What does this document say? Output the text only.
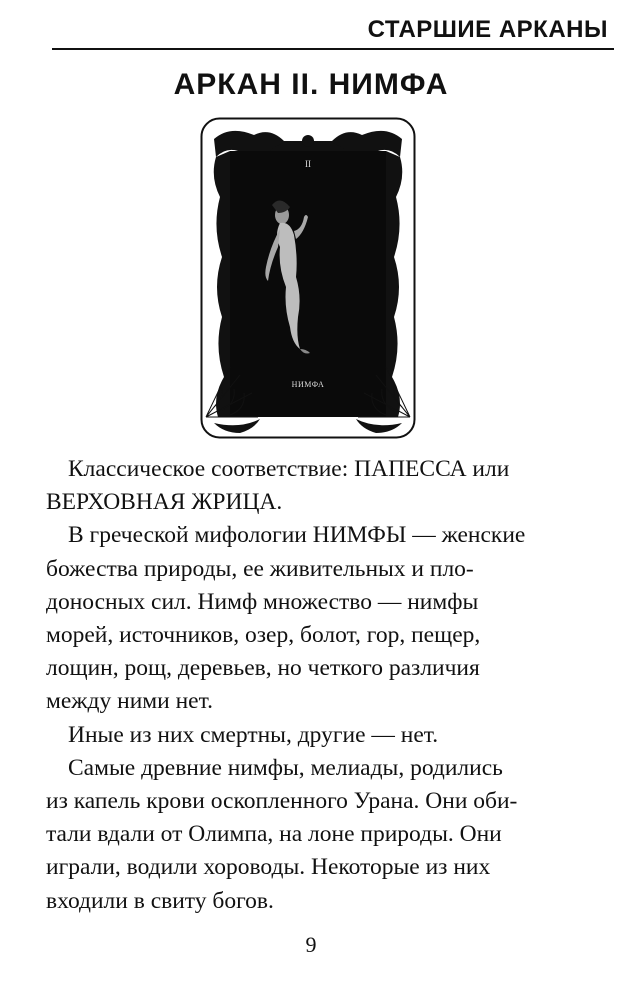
СТАРШИЕ АРКАНЫ
АРКАН II. НИМФА
II
НИМФА

Классическое соответствие: ПАПЕССА или
ВЕРХОВНАЯ ЖРИЦА.

В греческой мифологии НИМФЫ — женские
божества природы, ее живительных и пло-
доносных сил. Нимф множество — нимфы
морей, источников, озер, болот, гор, пещер,
лощин, рощ, деревьев, но четкого различия
между ними нет.

Иные из них смертны, другие — нет.

Самые древние нимфы, мелиады, родились
из капель крови оскопленного Урана. Они оби-
тали вдали от Олимпа, на лоне природы. Они
играли, водили хороводы. Некоторые из них
входили в свиту богов.

9
